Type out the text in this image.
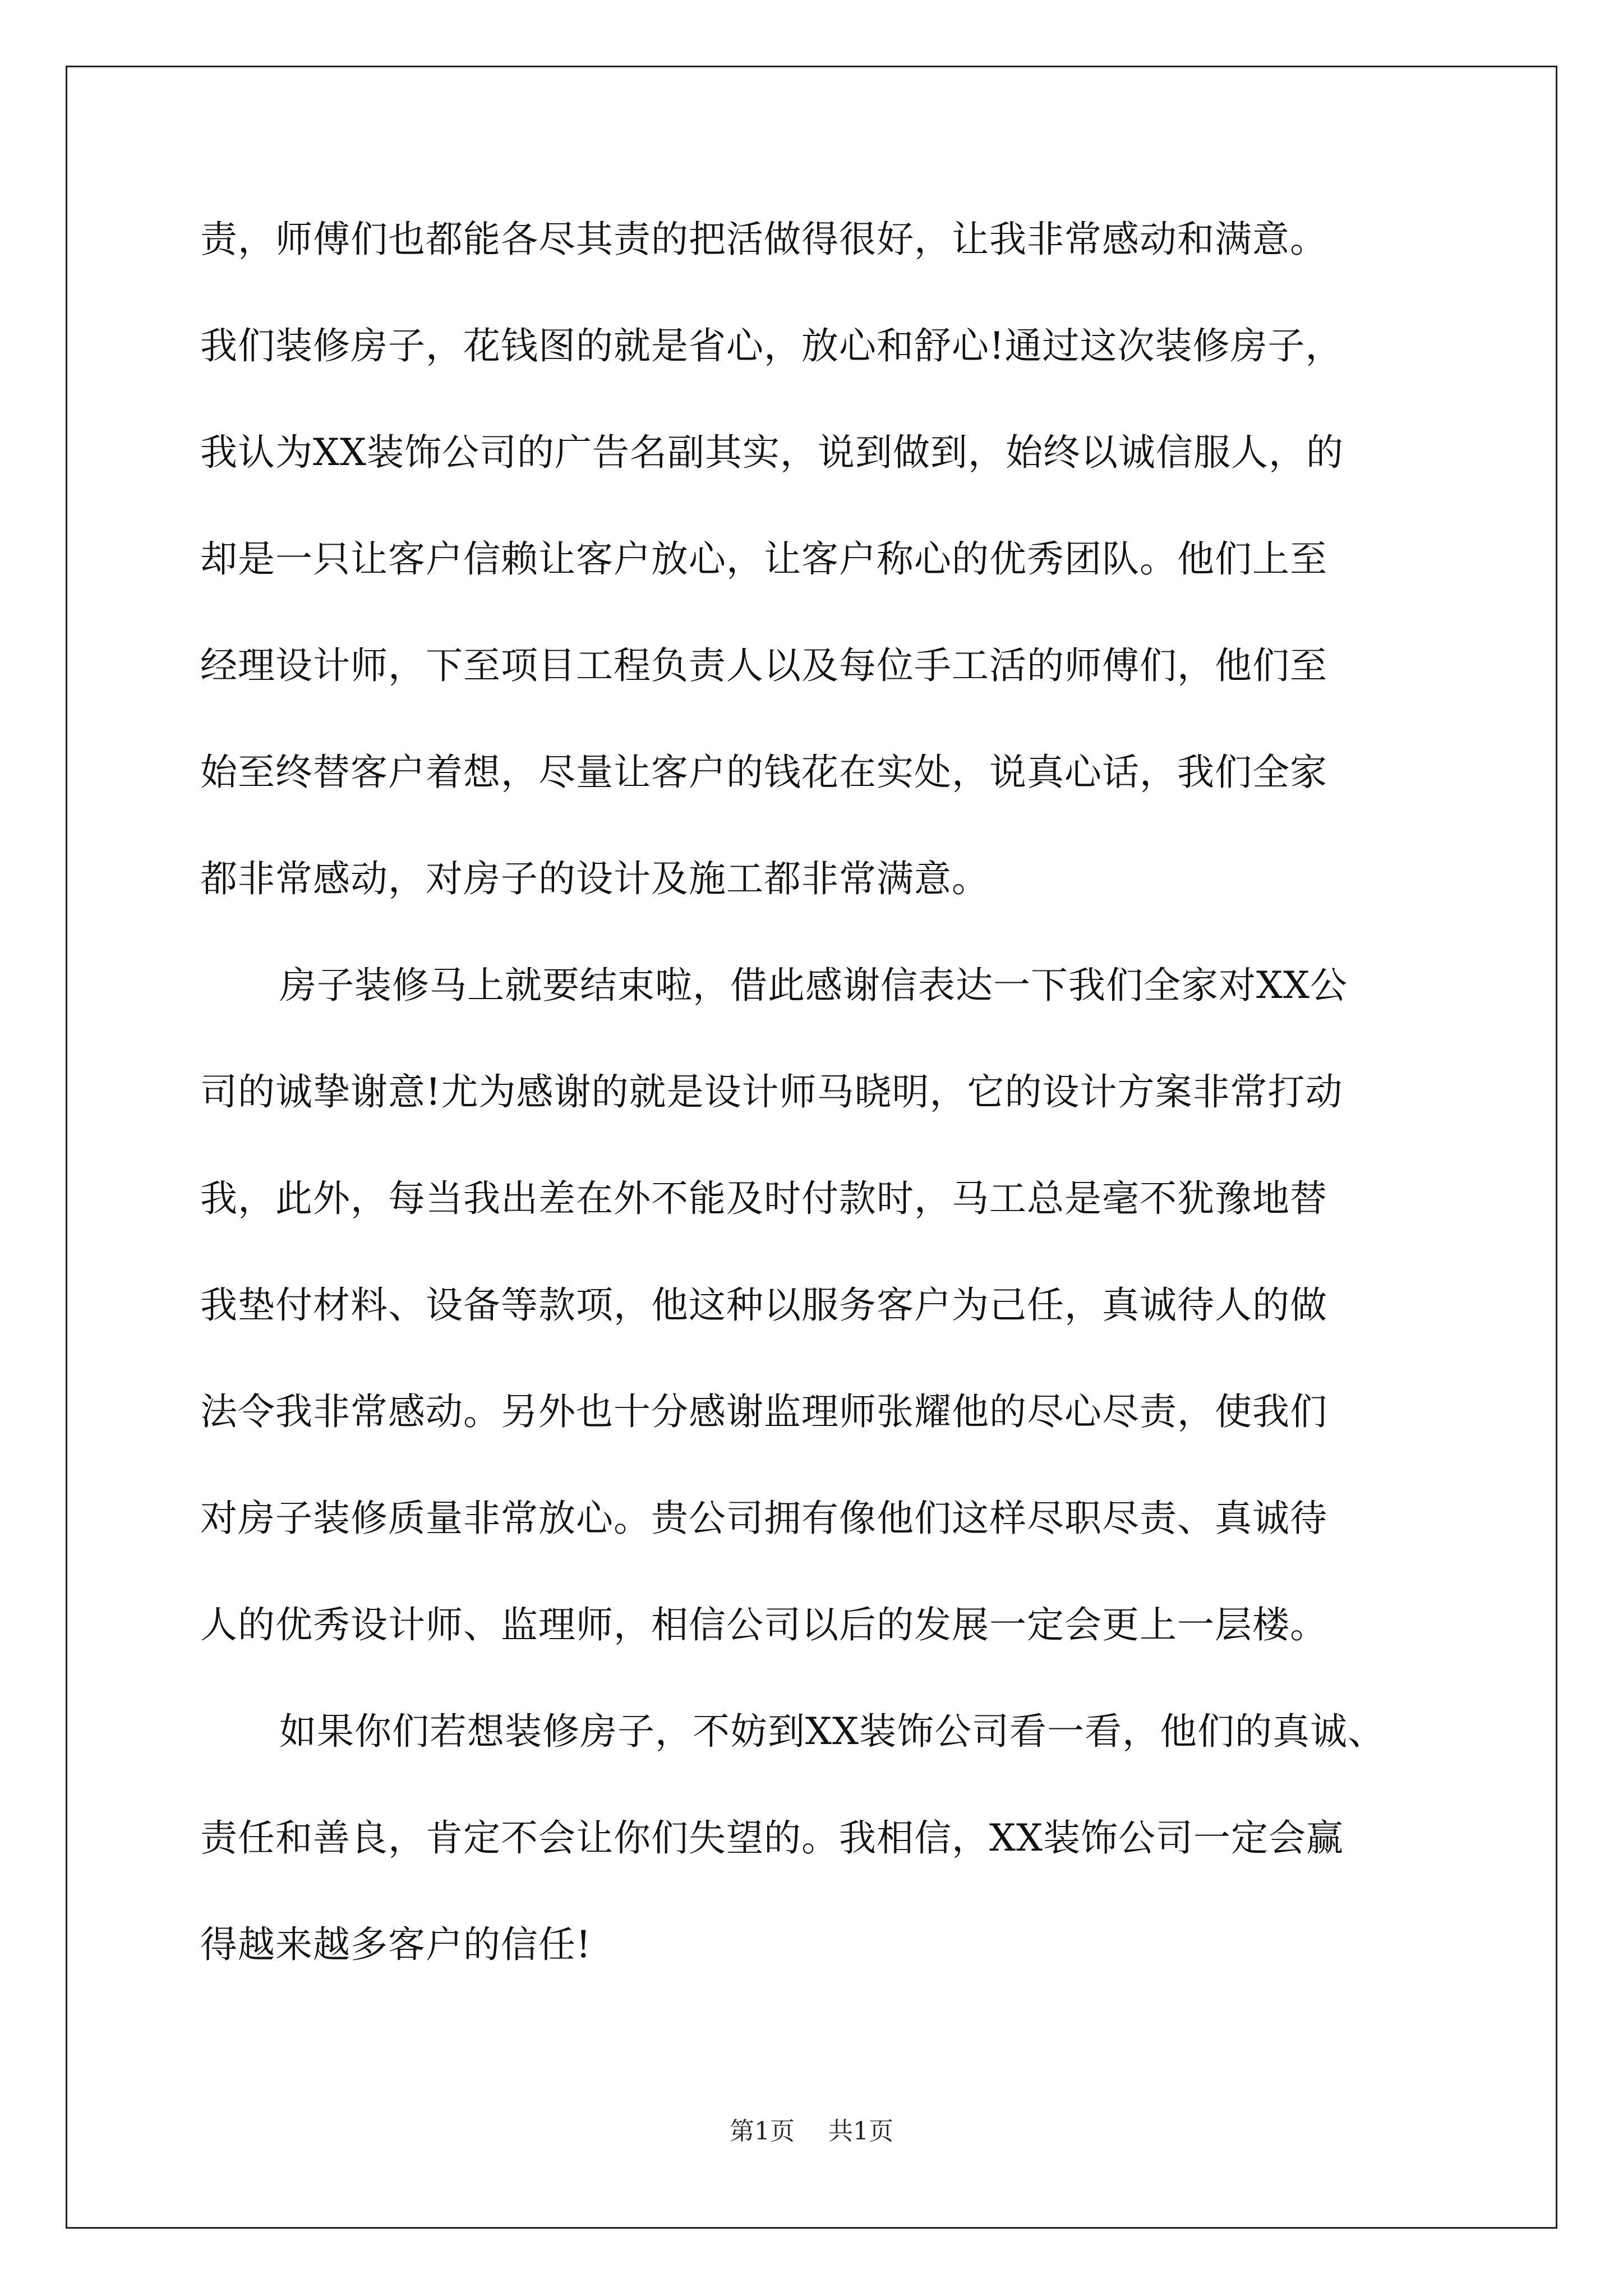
责，师傅们也都能各尽其责的把活做得很好，让我非常感动和满意。
我们装修房子，花钱图的就是省心，放心和舒心!通过这次装修房子，
我认为XX装饰公司的广告名副其实，说到做到，始终以诚信服人，的
却是一只让客户信赖让客户放心，让客户称心的优秀团队。他们上至
经理设计师，下至项目工程负责人以及每位手工活的师傅们，他们至
始至终替客户着想，尽量让客户的钱花在实处，说真心话，我们全家
都非常感动，对房子的设计及施工都非常满意。
房子装修马上就要结束啦，借此感谢信表达一下我们全家对XX公
司的诚挚谢意!尤为感谢的就是设计师马晓明，它的设计方案非常打动
我，此外，每当我出差在外不能及时付款时，马工总是毫不犹豫地替
我垫付材料、设备等款项，他这种以服务客户为己任，真诚待人的做
法令我非常感动。另外也十分感谢监理师张耀他的尽心尽责，使我们
对房子装修质量非常放心。贵公司拥有像他们这样尽职尽责、真诚待
人的优秀设计师、监理师，相信公司以后的发展一定会更上一层楼。
如果你们若想装修房子，不妨到XX装饰公司看一看，他们的真诚、
责任和善良，肯定不会让你们失望的。我相信，XX装饰公司一定会赢
得越来越多客户的信任!
第1页 共1页
